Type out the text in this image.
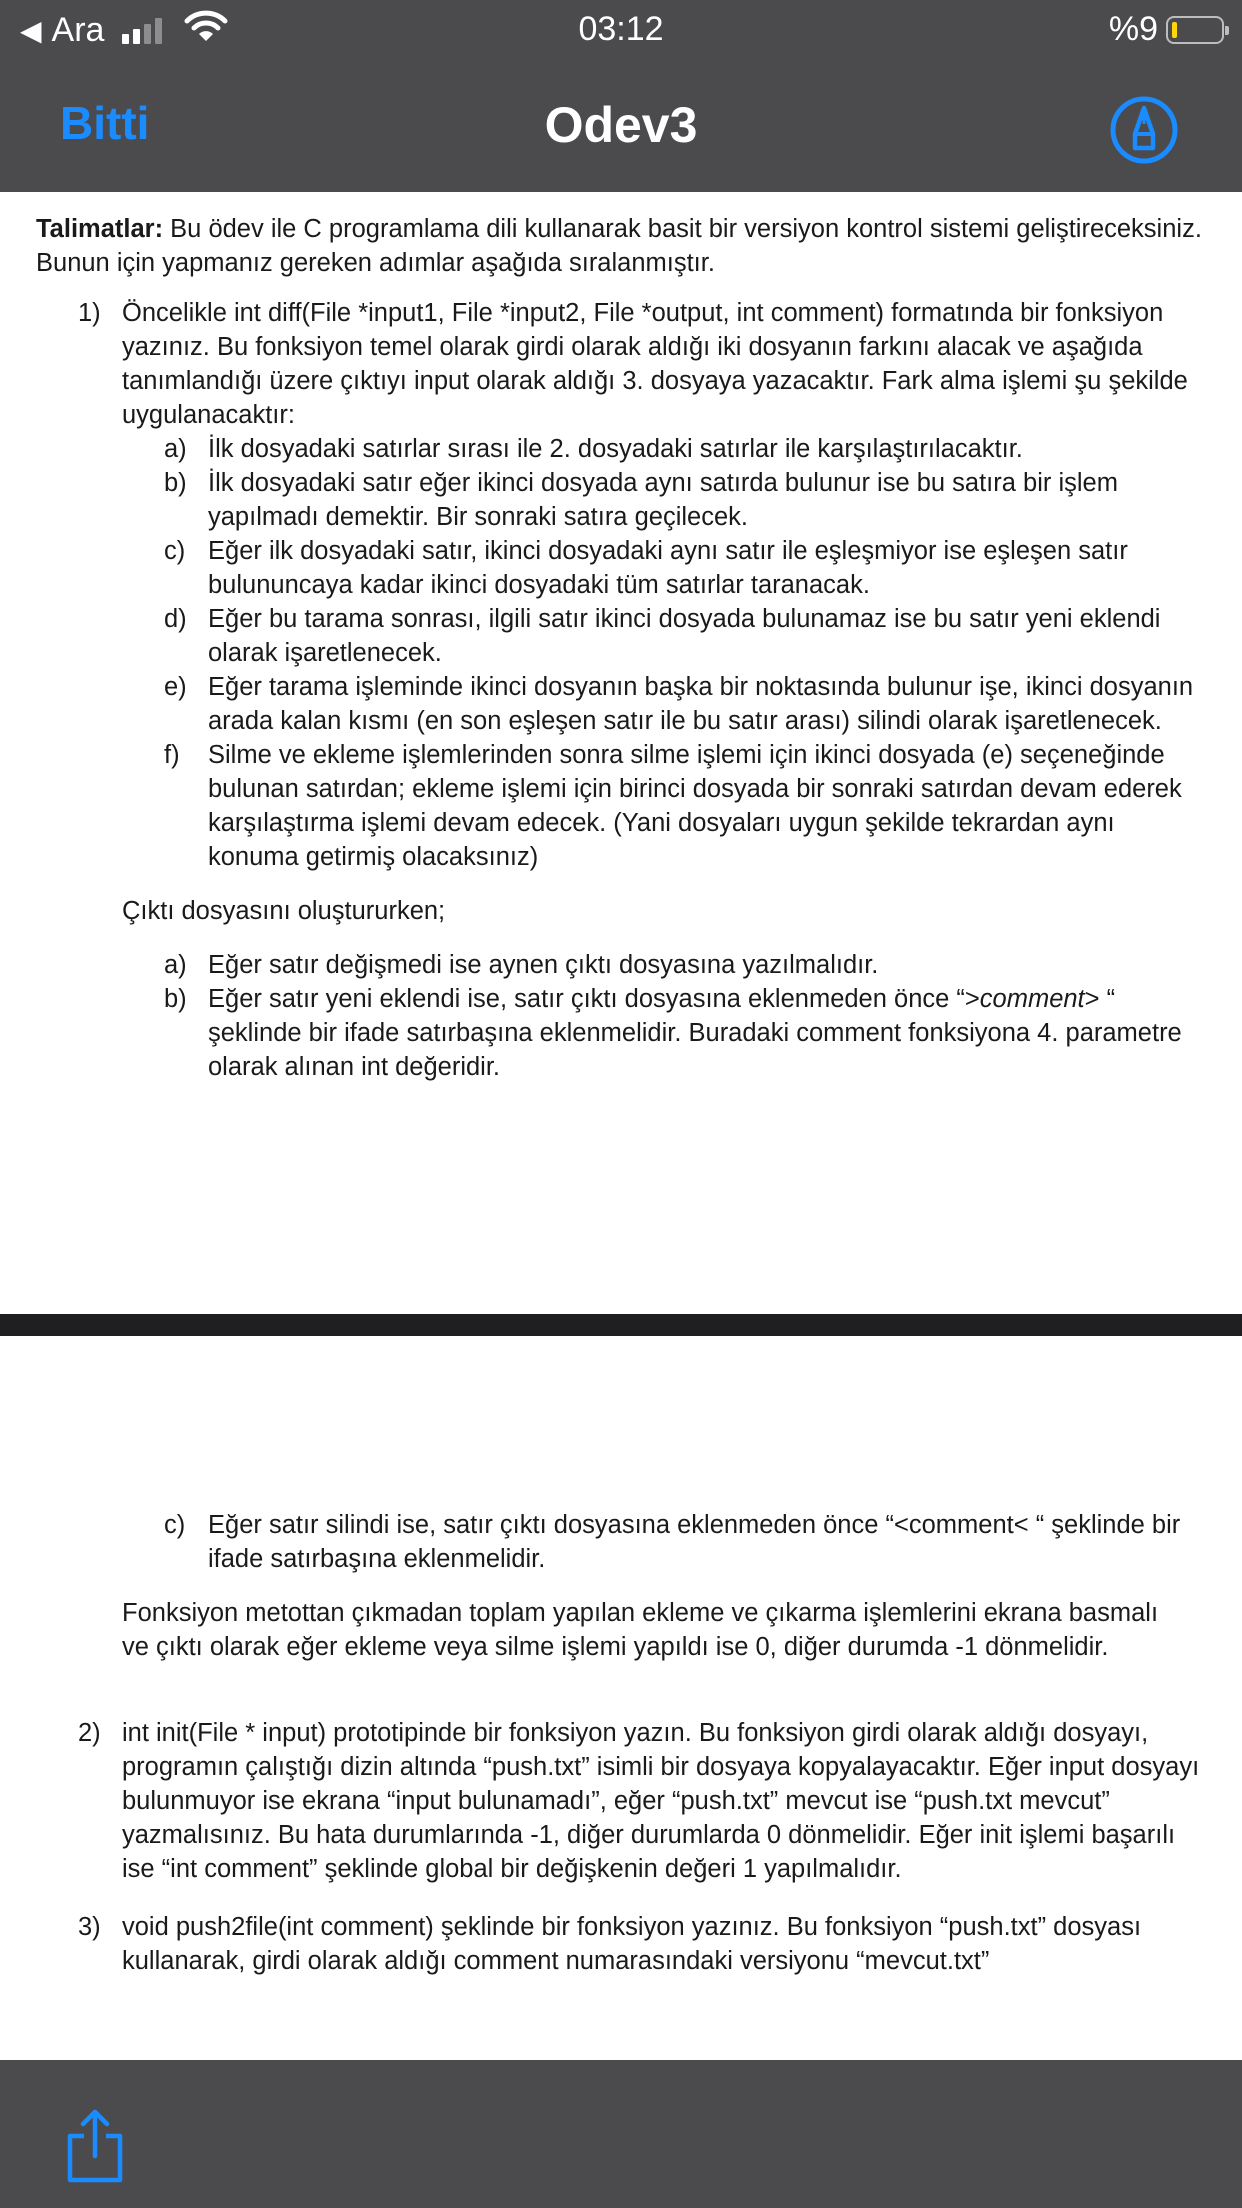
◀ Ara	03:12	%9
Bitti	Odev3

Talimatlar: Bu ödev ile C programlama dili kullanarak basit bir versiyon kontrol sistemi geliştireceksiniz. Bunun için yapmanız gereken adımlar aşağıda sıralanmıştır.

1) Öncelikle int diff(File *input1, File *input2, File *output, int comment) formatında bir fonksiyon yazınız. Bu fonksiyon temel olarak girdi olarak aldığı iki dosyanın farkını alacak ve aşağıda tanımlandığı üzere çıktıyı input olarak aldığı 3. dosyaya yazacaktır. Fark alma işlemi şu şekilde uygulanacaktır:

a) İlk dosyadaki satırlar sırası ile 2. dosyadaki satırlar ile karşılaştırılacaktır.
b) İlk dosyadaki satır eğer ikinci dosyada aynı satırda bulunur ise bu satıra bir işlem yapılmadı demektir. Bir sonraki satıra geçilecek.
c) Eğer ilk dosyadaki satır, ikinci dosyadaki aynı satır ile eşleşmiyor ise eşleşen satır bulununcaya kadar ikinci dosyadaki tüm satırlar taranacak.
d) Eğer bu tarama sonrası, ilgili satır ikinci dosyada bulunamaz ise bu satır yeni eklendi olarak işaretlenecek.
e) Eğer tarama işleminde ikinci dosyanın başka bir noktasında bulunur işe, ikinci dosyanın arada kalan kısmı (en son eşleşen satır ile bu satır arası) silindi olarak işaretlenecek.
f)	Silme ve ekleme işlemlerinden sonra silme işlemi için ikinci dosyada (e) seçeneğinde bulunan satırdan; ekleme işlemi için birinci dosyada bir sonraki satırdan devam ederek karşılaştırma işlemi devam edecek. (Yani dosyaları uygun şekilde tekrardan aynı konuma getirmiş olacaksınız)

Çıktı dosyasını oluştururken;

a) Eğer satır değişmedi ise aynen çıktı dosyasına yazılmalıdır.
b) Eğer satır yeni eklendi ise, satır çıktı dosyasına eklenmeden önce “>comment> “ şeklinde bir ifade satırbaşına eklenmelidir. Buradaki comment fonksiyona 4. parametre olarak alınan int değeridir.
c) Eğer satır silindi ise, satır çıktı dosyasına eklenmeden önce “<comment< “ şeklinde bir ifade satırbaşına eklenmelidir.

Fonksiyon metottan çıkmadan toplam yapılan ekleme ve çıkarma işlemlerini ekrana basmalı ve çıktı olarak eğer ekleme veya silme işlemi yapıldı ise 0, diğer durumda -1 dönmelidir.

2) int init(File * input) prototipinde bir fonksiyon yazın. Bu fonksiyon girdi olarak aldığı dosyayı, programın çalıştığı dizin altında “push.txt” isimli bir dosyaya kopyalayacaktır. Eğer input dosyayı bulunmuyor ise ekrana “input bulunamadı”, eğer “push.txt” mevcut ise “push.txt mevcut” yazmalısınız. Bu hata durumlarında -1, diğer durumlarda 0 dönmelidir. Eğer init işlemi başarılı ise “int comment” şeklinde global bir değişkenin değeri 1 yapılmalıdır.

3) void push2file(int comment) şeklinde bir fonksiyon yazınız. Bu fonksiyon “push.txt” dosyası kullanarak, girdi olarak aldığı comment numarasındaki versiyonu “mevcut.txt”
